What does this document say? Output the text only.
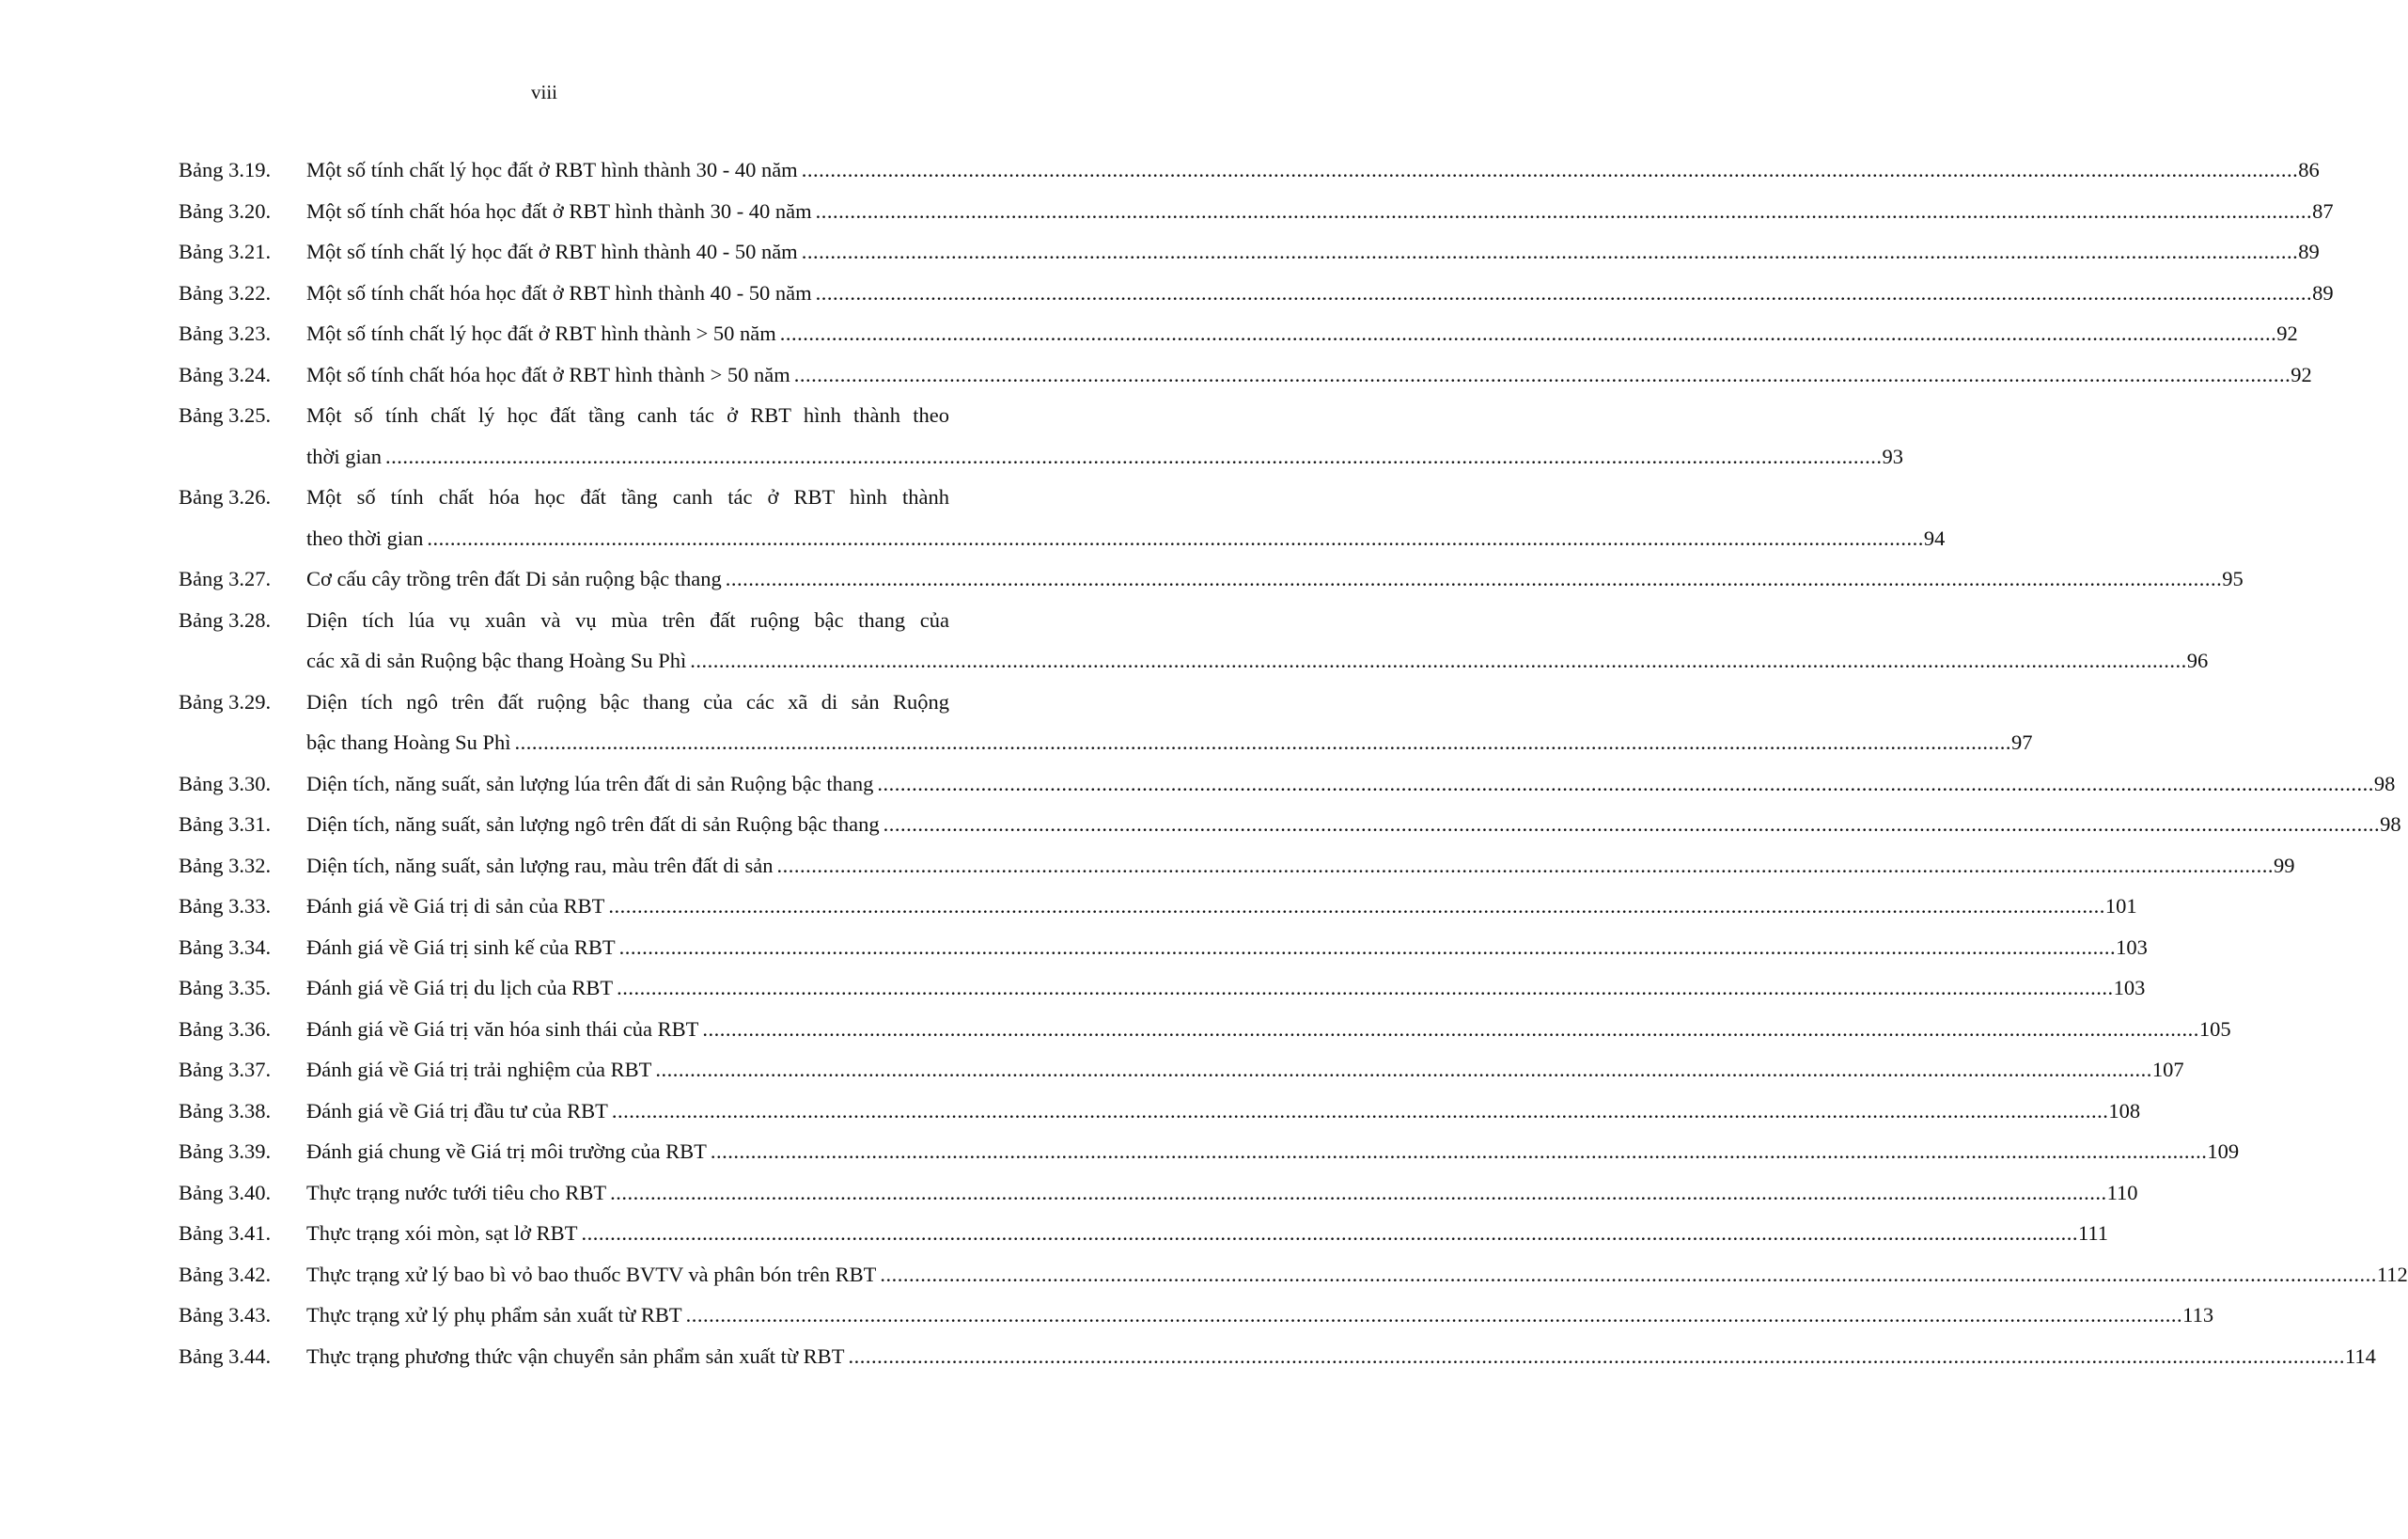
viii
Bảng 3.19.	Một số tính chất lý học đất ở RBT hình thành 30 - 40 năm .....	86
Bảng 3.20.	Một số tính chất hóa học đất ở RBT hình thành 30 - 40 năm .....	87
Bảng 3.21.	Một số tính chất lý học đất ở RBT hình thành 40 - 50 năm .....	89
Bảng 3.22.	Một số tính chất hóa học đất ở RBT hình thành 40 - 50 năm .....	89
Bảng 3.23.	Một số tính chất lý học đất ở RBT hình thành > 50 năm .....	92
Bảng 3.24.	Một số tính chất hóa học đất ở RBT hình thành > 50 năm .....	92
Bảng 3.25.	Một số tính chất lý học đất tầng canh tác ở RBT hình thành theo
thời gian .....	93
Bảng 3.26.	Một số tính chất hóa học đất tầng canh tác ở RBT hình thành
theo thời gian .....	94
Bảng 3.27.	Cơ cấu cây trồng trên đất Di sản ruộng bậc thang .....	95
Bảng 3.28.	Diện tích lúa vụ xuân và vụ mùa trên đất ruộng bậc thang của
các xã di sản Ruộng bậc thang Hoàng Su Phì .....	96
Bảng 3.29.	Diện tích ngô trên đất ruộng bậc thang của các xã di sản Ruộng
bậc thang Hoàng Su Phì .....	97
Bảng 3.30.	Diện tích, năng suất, sản lượng lúa trên đất di sản Ruộng bậc thang .....	98
Bảng 3.31.	Diện tích, năng suất, sản lượng ngô trên đất di sản Ruộng bậc thang .....	98
Bảng 3.32.	Diện tích, năng suất, sản lượng rau, màu trên đất di sản .....	99
Bảng 3.33.	Đánh giá về Giá trị di sản của RBT .....	101
Bảng 3.34.	Đánh giá về Giá trị sinh kế của RBT .....	103
Bảng 3.35.	Đánh giá về Giá trị du lịch của RBT .....	103
Bảng 3.36.	Đánh giá về Giá trị văn hóa sinh thái của RBT .....	105
Bảng 3.37.	Đánh giá về Giá trị trải nghiệm của RBT .....	107
Bảng 3.38.	Đánh giá về Giá trị đầu tư của RBT .....	108
Bảng 3.39.	Đánh giá chung về Giá trị môi trường của RBT .....	109
Bảng 3.40.	Thực trạng nước tưới tiêu cho RBT .....	110
Bảng 3.41.	Thực trạng xói mòn, sạt lở RBT .....	111
Bảng 3.42.	Thực trạng xử lý bao bì vỏ bao thuốc BVTV và phân bón trên RBT .....	112
Bảng 3.43.	Thực trạng xử lý phụ phẩm sản xuất từ RBT .....	113
Bảng 3.44.	Thực trạng phương thức vận chuyển sản phẩm sản xuất từ RBT .....	114
